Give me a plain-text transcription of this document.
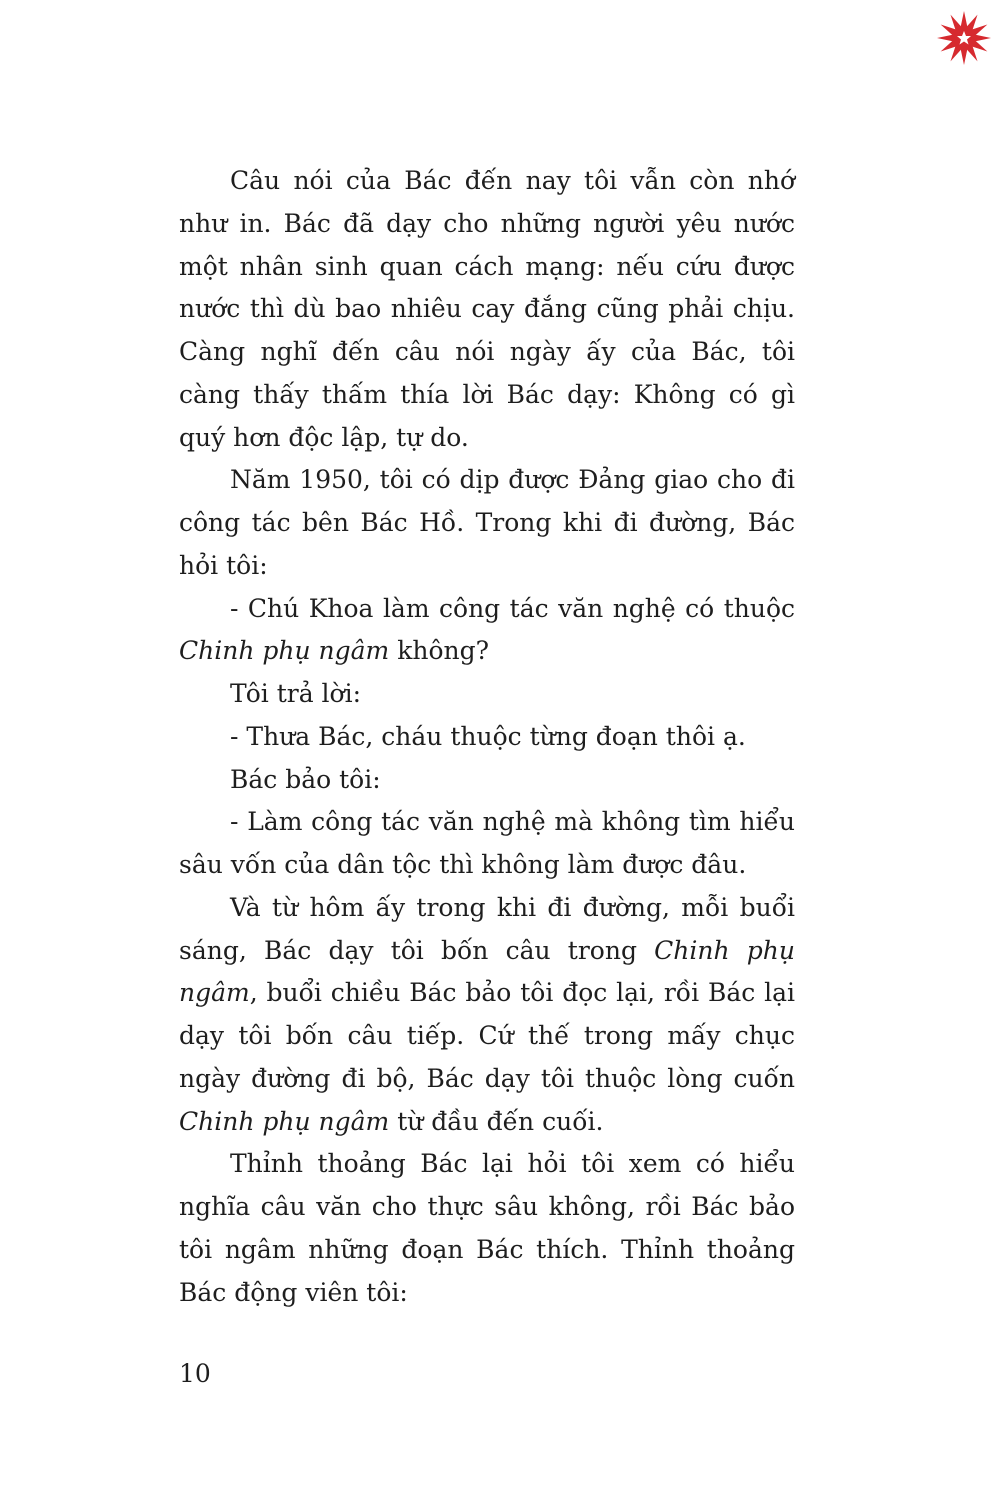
Câu nói của Bác đến nay tôi vẫn còn nhớ như in. Bác đã dạy cho những người yêu nước một nhân sinh quan cách mạng: nếu cứu được nước thì dù bao nhiêu cay đắng cũng phải chịu. Càng nghĩ đến câu nói ngày ấy của Bác, tôi càng thấy thấm thía lời Bác dạy: Không có gì quý hơn độc lập, tự do.

Năm 1950, tôi có dịp được Đảng giao cho đi công tác bên Bác Hồ. Trong khi đi đường, Bác hỏi tôi:

- Chú Khoa làm công tác văn nghệ có thuộc Chinh phụ ngâm không?

Tôi trả lời:

- Thưa Bác, cháu thuộc từng đoạn thôi ạ.

Bác bảo tôi:

- Làm công tác văn nghệ mà không tìm hiểu sâu vốn của dân tộc thì không làm được đâu.

Và từ hôm ấy trong khi đi đường, mỗi buổi sáng, Bác dạy tôi bốn câu trong Chinh phụ ngâm, buổi chiều Bác bảo tôi đọc lại, rồi Bác lại dạy tôi bốn câu tiếp. Cứ thế trong mấy chục ngày đường đi bộ, Bác dạy tôi thuộc lòng cuốn Chinh phụ ngâm từ đầu đến cuối.

Thỉnh thoảng Bác lại hỏi tôi xem có hiểu nghĩa câu văn cho thực sâu không, rồi Bác bảo tôi ngâm những đoạn Bác thích. Thỉnh thoảng Bác động viên tôi:

10
